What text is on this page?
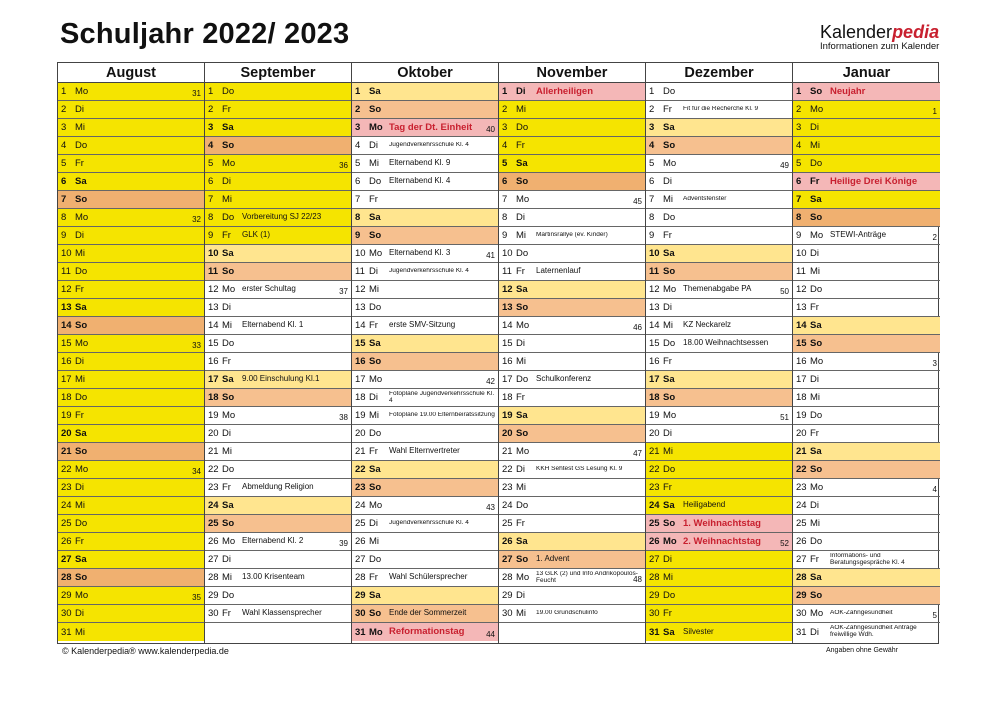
Schuljahr 2022/ 2023	Kalenderpedia
Informationen zum Kalender
August
1 Mo	31
2 Di
3 Mi
4 Do
5 Fr
6 Sa
7 So
8 Mo	32
9 Di
10 Mi
11 Do
12 Fr
13 Sa
14 So
15 Mo	33
16 Di
17 Mi
18 Do
19 Fr
20 Sa
21 So
22 Mo	34
23 Di
24 Mi
25 Do
26 Fr
27 Sa
28 So
29 Mo	35
30 Di
31 Mi
September
1 Do
2 Fr
3 Sa
4 So
5 Mo	36
6 Di
7 Mi
8 Do Vorbereitung SJ 22/23
9 Fr	GLK (1)
10 Sa
11 So
12 Mo erster Schultag	37
13 Di
14 Mi	Elternabend Kl. 1
15 Do
16 Fr
17 Sa	9.00 Einschulung Kl.1
18 So
19 Mo	38
20 Di
21 Mi
22 Do
23 Fr	Abmeldung Religion
24 Sa
25 So
26 Mo Elternabend Kl. 2	39
27 Di
28 Mi	13.00 Krisenteam
29 Do
30 Fr	Wahl Klassensprecher
Oktober
1 Sa
2 So
3 Mo Tag der Dt. Einheit	40
4 Di	Jugendverkehrsschule Kl. 4
5 Mi	Elternabend Kl. 9
6 Do Elternabend Kl. 4
7 Fr
8 Sa
9 So
10 Mo Elternabend Kl. 3	41
11 Di	Jugendverkehrsschule Kl. 4
12 Mi
13 Do
14 Fr	erste SMV-Sitzung
15 Sa
16 So
17 Mo	42
18 Di	Fotoplane Jugendverkehrsschule Kl. 4
19 Mi	Fotoplane 19.00 Elternbeiratssitzung
20 Do
21 Fr	Wahl Elternvertreter
22 Sa
23 So
24 Mo	43
25 Di	Jugendverkehrsschule Kl. 4
26 Mi
27 Do
28 Fr	Wahl Schülersprecher
29 Sa
30 So Ende der Sommerzeit
31 Mo Reformationstag	44
November
1 Di	Allerheiligen
2 Mi
3 Do
4 Fr
5 Sa
6 So
7 Mo	45
8 Di
9 Mi	Martinsrallye (ev. Kinder)
10 Do
11 Fr	Laternenlauf
12 Sa
13 So
14 Mo	46
15 Di
16 Mi
17 Do Schulkonferenz
18 Fr
19 Sa
20 So
21 Mo	47
22 Di	KKH Sehtest GS Lesung Kl. 9
23 Mi
24 Do
25 Fr
26 Sa
27 So 1. Advent
28 Mo	13 GLK (2) und Info Andrikopoulos-Feucht	48
29 Di
30 Mi	19.00 Grundschulinfo
Dezember
1 Do
2 Fr	Fit für die Recherche Kl. 9
3 Sa
4 So
5 Mo	49
6 Di
7 Mi	Adventsfenster
8 Do
9 Fr
10 Sa
11 So
12 Mo Themenabgabe PA	50
13 Di
14 Mi	KZ Neckarelz
15 Do 18.00 Weihnachtsessen
16 Fr
17 Sa
18 So
19 Mo	51
20 Di
21 Mi
22 Do
23 Fr
24 Sa	Heiligabend
25 So 1. Weihnachtstag
26 Mo 2. Weihnachtstag	52
27 Di
28 Mi
29 Do
30 Fr
31 Sa	Silvester
Januar
1 So Neujahr
2 Mo	1
3 Di
4 Mi
5 Do
6 Fr	Heilige Drei Könige
7 Sa
8 So
9 Mo STEWI-Anträge	2
10 Di
11 Mi
12 Do
13 Fr
14 Sa
15 So
16 Mo	3
17 Di
18 Mi
19 Do
20 Fr
21 Sa
22 So
23 Mo	4
24 Di
25 Mi
26 Do
27 Fr	Informations- und Beratungsgespräche Kl. 4
28 Sa
29 So
30 Mo	AOK-Zahngesundheit	5
31 Di	AOK-Zahngesundheit Anträge freiwillige Wdh.
© Kalenderpedia® www.kalenderpedia.de	Angaben ohne Gewähr
